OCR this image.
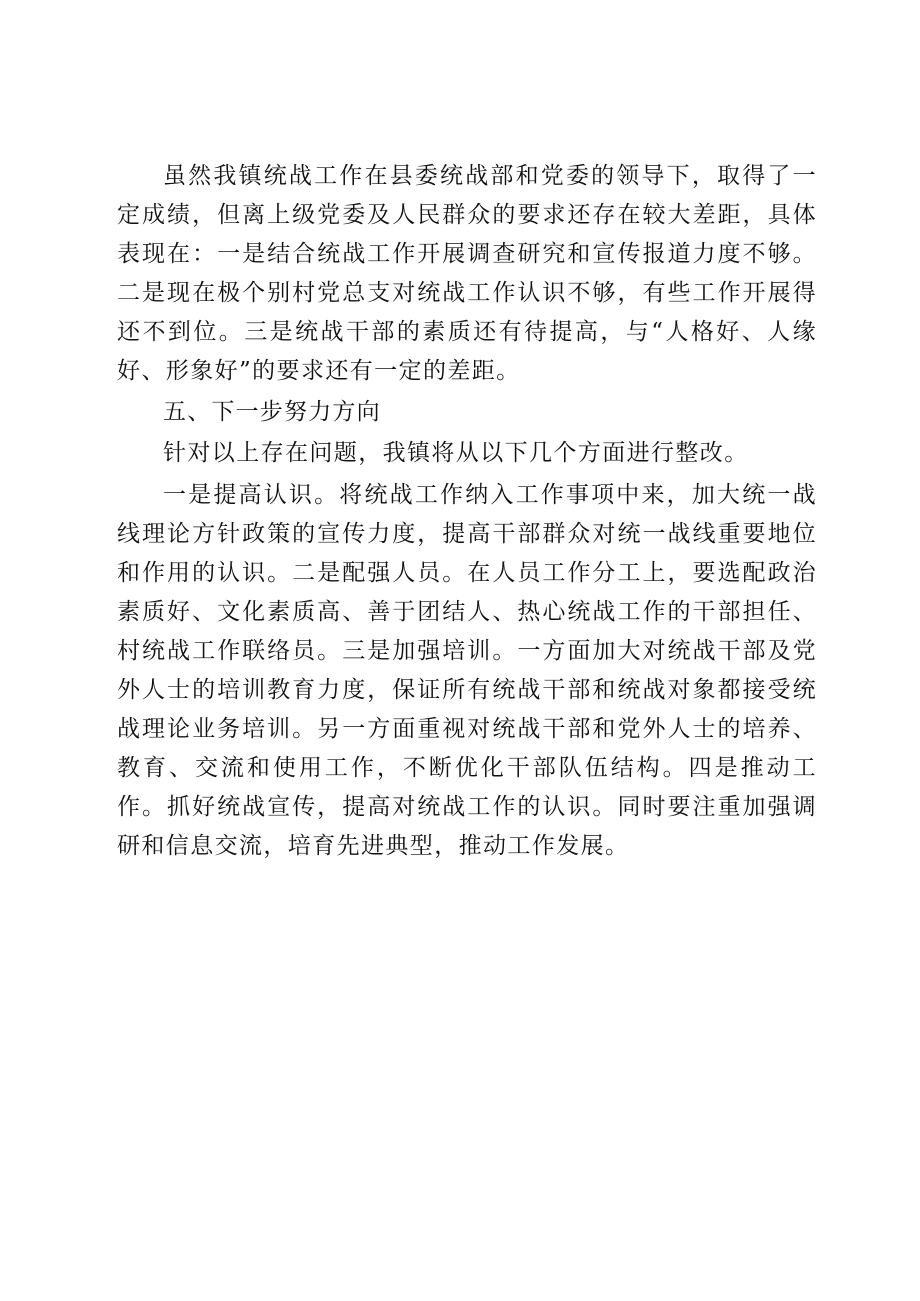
虽然我镇统战工作在县委统战部和党委的领导下，取得了一定成绩，但离上级党委及人民群众的要求还存在较大差距，具体表现在：一是结合统战工作开展调查研究和宣传报道力度不够。二是现在极个别村党总支对统战工作认识不够，有些工作开展得还不到位。三是统战干部的素质还有待提高，与“人格好、人缘好、形象好”的要求还有一定的差距。

五、下一步努力方向

针对以上存在问题，我镇将从以下几个方面进行整改。

一是提高认识。将统战工作纳入工作事项中来，加大统一战线理论方针政策的宣传力度，提高干部群众对统一战线重要地位和作用的认识。二是配强人员。在人员工作分工上，要选配政治素质好、文化素质高、善于团结人、热心统战工作的干部担任、村统战工作联络员。三是加强培训。一方面加大对统战干部及党外人士的培训教育力度，保证所有统战干部和统战对象都接受统战理论业务培训。另一方面重视对统战干部和党外人士的培养、教育、交流和使用工作，不断优化干部队伍结构。四是推动工作。抓好统战宣传，提高对统战工作的认识。同时要注重加强调研和信息交流，培育先进典型，推动工作发展。
